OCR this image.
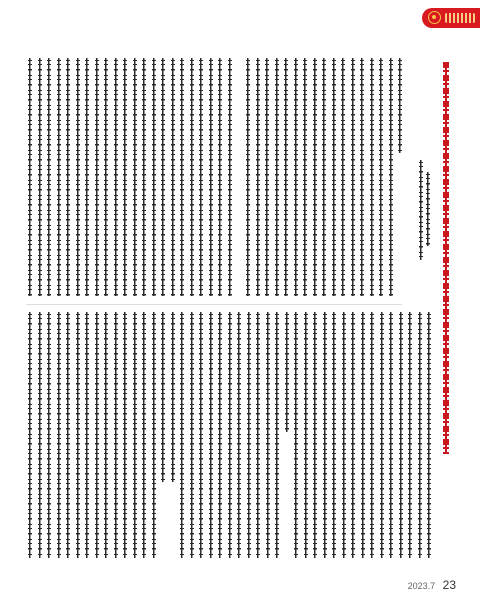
2023.7 23
